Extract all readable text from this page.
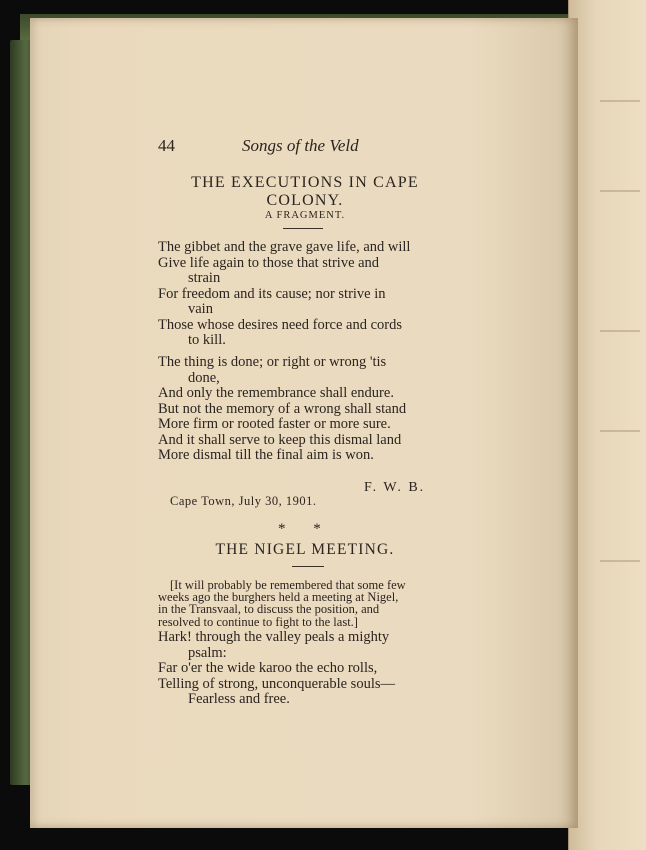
44	Songs of the Veld
THE EXECUTIONS IN CAPE
COLONY.
A FRAGMENT.
The gibbet and the grave gave life, and will
Give life again to those that strive and
strain
For freedom and its cause; nor strive in
vain
Those whose desires need force and cords
to kill.
The thing is done; or right or wrong 'tis
done,
And only the remembrance shall endure.
But not the memory of a wrong shall stand
More firm or rooted faster or more sure.
And it shall serve to keep this dismal land
More dismal till the final aim is won.
F. W. B.
Cape Town, July 30, 1901.
* *
THE NIGEL MEETING.
[It will probably be remembered that some few
weeks ago the burghers held a meeting at Nigel,
in the Transvaal, to discuss the position, and
resolved to continue to fight to the last.]
Hark! through the valley peals a mighty
psalm:
Far o'er the wide karoo the echo rolls,
Telling of strong, unconquerable souls—
Fearless and free.
